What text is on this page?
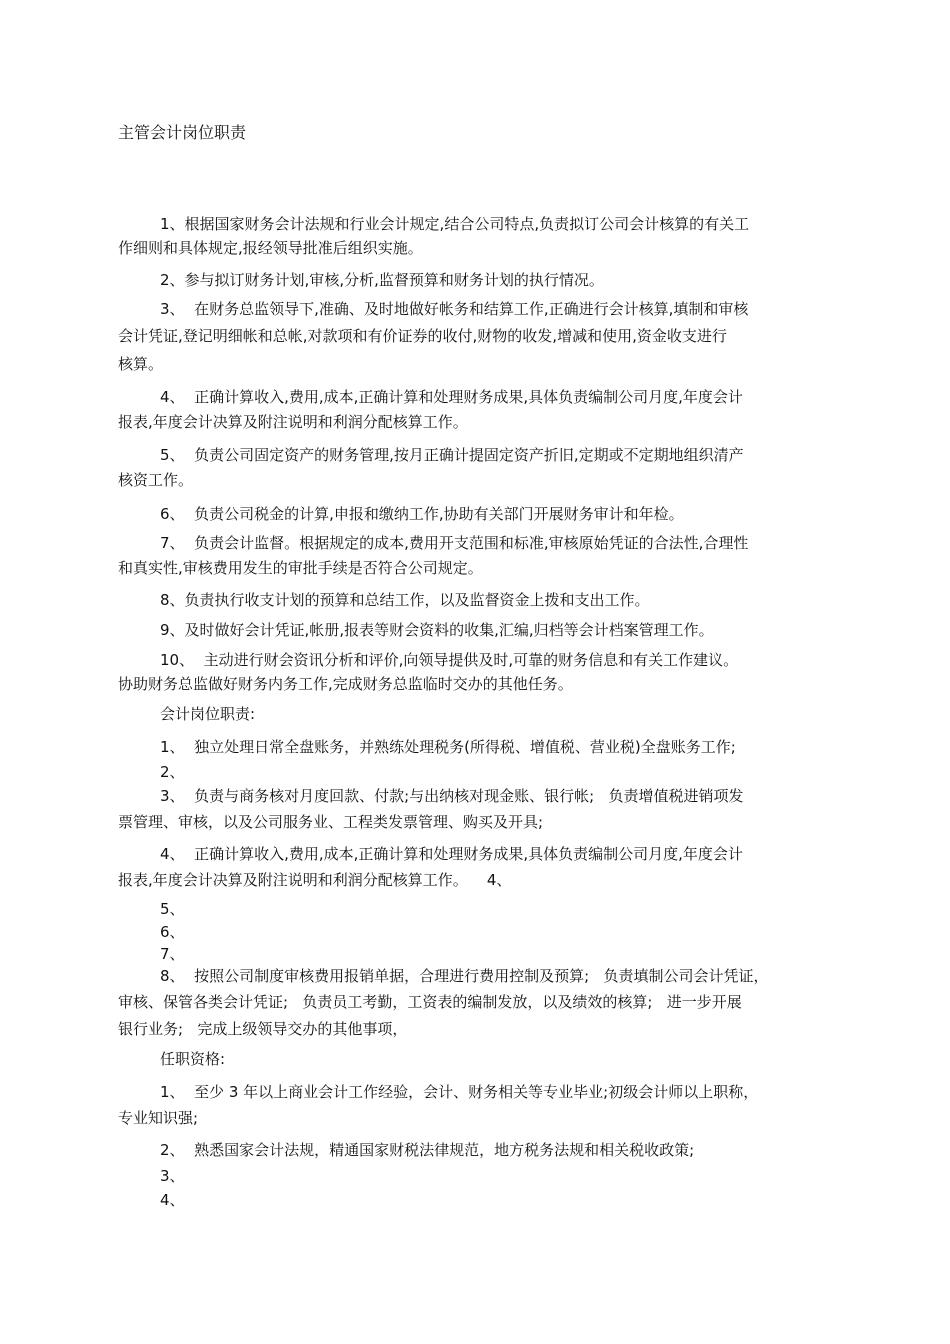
主管会计岗位职责
1、根据国家财务会计法规和行业会计规定,结合公司特点,负责拟订公司会计核算的有关工
作细则和具体规定,报经领导批准后组织实施。
2、参与拟订财务计划,审核,分析,监督预算和财务计划的执行情况。
3、  在财务总监领导下,准确、及时地做好帐务和结算工作,正确进行会计核算,填制和审核
会计凭证,登记明细帐和总帐,对款项和有价证券的收付,财物的收发,增减和使用,资金收支进行
核算。
4、  正确计算收入,费用,成本,正确计算和处理财务成果,具体负责编制公司月度,年度会计
报表,年度会计决算及附注说明和利润分配核算工作。
5、  负责公司固定资产的财务管理,按月正确计提固定资产折旧,定期或不定期地组织清产
核资工作。
6、  负责公司税金的计算,申报和缴纳工作,协助有关部门开展财务审计和年检。
7、  负责会计监督。根据规定的成本,费用开支范围和标准,审核原始凭证的合法性,合理性
和真实性,审核费用发生的审批手续是否符合公司规定。
8、负责执行收支计划的预算和总结工作，以及监督资金上拨和支出工作。
9、及时做好会计凭证,帐册,报表等财会资料的收集,汇编,归档等会计档案管理工作。
10、  主动进行财会资讯分析和评价,向领导提供及时,可靠的财务信息和有关工作建议。
协助财务总监做好财务内务工作,完成财务总监临时交办的其他任务。
会计岗位职责:
1、  独立处理日常全盘账务，并熟练处理税务(所得税、增值税、营业税)全盘账务工作;
2、
3、  负责与商务核对月度回款、付款;与出纳核对现金账、银行帐;   负责增值税进销项发
票管理、审核，以及公司服务业、工程类发票管理、购买及开具;
4、  正确计算收入,费用,成本,正确计算和处理财务成果,具体负责编制公司月度,年度会计
报表,年度会计决算及附注说明和利润分配核算工作。    4、
5、
6、
7、
8、  按照公司制度审核费用报销单据，合理进行费用控制及预算;   负责填制公司会计凭证，
审核、保管各类会计凭证;   负责员工考勤，工资表的编制发放，以及绩效的核算;   进一步开展
银行业务;   完成上级领导交办的其他事项，
任职资格:
1、  至少 3 年以上商业会计工作经验，会计、财务相关等专业毕业;初级会计师以上职称，
专业知识强;
2、  熟悉国家会计法规，精通国家财税法律规范，地方税务法规和相关税收政策;
3、
4、
